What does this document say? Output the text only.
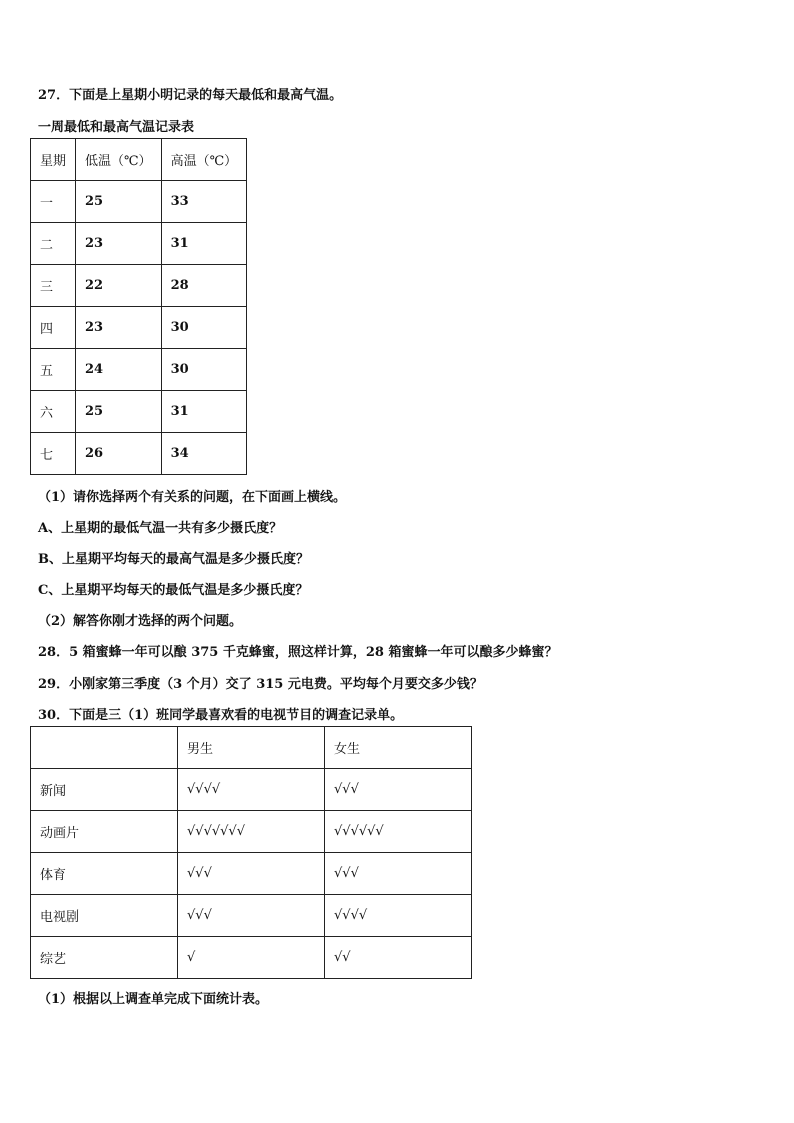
27．下面是上星期小明记录的每天最低和最高气温。
一周最低和最高气温记录表
星期	低温（℃）	高温（℃）
一	25	33
二	23	31
三	22	28
四	23	30
五	24	30
六	25	31
七	26	34
（1）请你选择两个有关系的问题，在下面画上横线。
A、上星期的最低气温一共有多少摄氏度？
B、上星期平均每天的最高气温是多少摄氏度？
C、上星期平均每天的最低气温是多少摄氏度？
（2）解答你刚才选择的两个问题。
28．5 箱蜜蜂一年可以酿 375 千克蜂蜜，照这样计算，28 箱蜜蜂一年可以酿多少蜂蜜？
29．小刚家第三季度（3 个月）交了 315 元电费。平均每个月要交多少钱？
30．下面是三（1）班同学最喜欢看的电视节目的调查记录单。
	男生	女生
新闻	√√√√	√√√
动画片	√√√√√√√	√√√√√√
体育	√√√	√√√
电视剧	√√√	√√√√
综艺	√	√√
（1）根据以上调查单完成下面统计表。
